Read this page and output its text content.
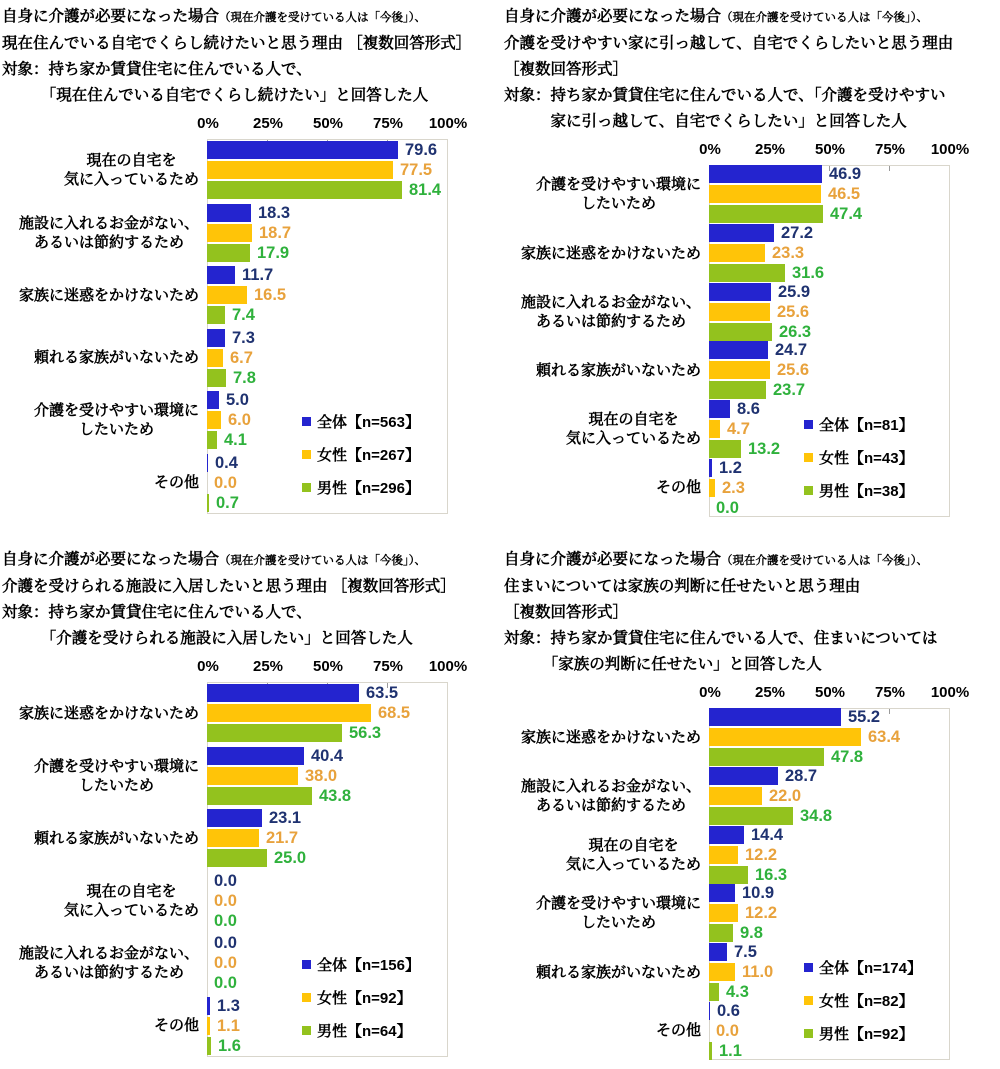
自身に介護が必要になった場合（現在介護を受けている人は「今後」）、
現在住んでいる自宅でくらし続けたいと思う理由 ［複数回答形式］
対象：持ち家か賃貸住宅に住んでいる人で、
　　　「現在住んでいる自宅でくらし続けたい」と回答した人
0% 25% 50% 75% 100%
現在の自宅を
気に入っているため
79.6
77.5
81.4
施設に入れるお金がない、
あるいは節約するため
18.3
18.7
17.9
家族に迷惑をかけないため
11.7
16.5
7.4
頼れる家族がいないため
7.3
6.7
7.8
介護を受けやすい環境に
したいため
5.0
6.0
4.1
その他
0.4
0.0
0.7
全体【n=563】
女性【n=267】
男性【n=296】
自身に介護が必要になった場合（現在介護を受けている人は「今後」）、
介護を受けやすい家に引っ越して、自宅でくらしたいと思う理由
［複数回答形式］
対象：持ち家か賃貸住宅に住んでいる人で、「介護を受けやすい
　　　家に引っ越して、自宅でくらしたい」と回答した人
0% 25% 50% 75% 100%
介護を受けやすい環境に
したいため
46.9
46.5
47.4
家族に迷惑をかけないため
27.2
23.3
31.6
施設に入れるお金がない、
あるいは節約するため
25.9
25.6
26.3
頼れる家族がいないため
24.7
25.6
23.7
現在の自宅を
気に入っているため
8.6
4.7
13.2
その他
1.2
2.3
0.0
全体【n=81】
女性【n=43】
男性【n=38】
自身に介護が必要になった場合（現在介護を受けている人は「今後」）、
介護を受けられる施設に入居したいと思う理由 ［複数回答形式］
対象：持ち家か賃貸住宅に住んでいる人で、
　　　「介護を受けられる施設に入居したい」と回答した人
0% 25% 50% 75% 100%
家族に迷惑をかけないため
63.5
68.5
56.3
介護を受けやすい環境に
したいため
40.4
38.0
43.8
頼れる家族がいないため
23.1
21.7
25.0
現在の自宅を
気に入っているため
0.0
0.0
0.0
施設に入れるお金がない、
あるいは節約するため
0.0
0.0
0.0
その他
1.3
1.1
1.6
全体【n=156】
女性【n=92】
男性【n=64】
自身に介護が必要になった場合（現在介護を受けている人は「今後」）、
住まいについては家族の判断に任せたいと思う理由
［複数回答形式］
対象：持ち家か賃貸住宅に住んでいる人で、住まいについては
　　　「家族の判断に任せたい」と回答した人
0% 25% 50% 75% 100%
家族に迷惑をかけないため
55.2
63.4
47.8
施設に入れるお金がない、
あるいは節約するため
28.7
22.0
34.8
現在の自宅を
気に入っているため
14.4
12.2
16.3
介護を受けやすい環境に
したいため
10.9
12.2
9.8
頼れる家族がいないため
7.5
11.0
4.3
その他
0.6
0.0
1.1
全体【n=174】
女性【n=82】
男性【n=92】
